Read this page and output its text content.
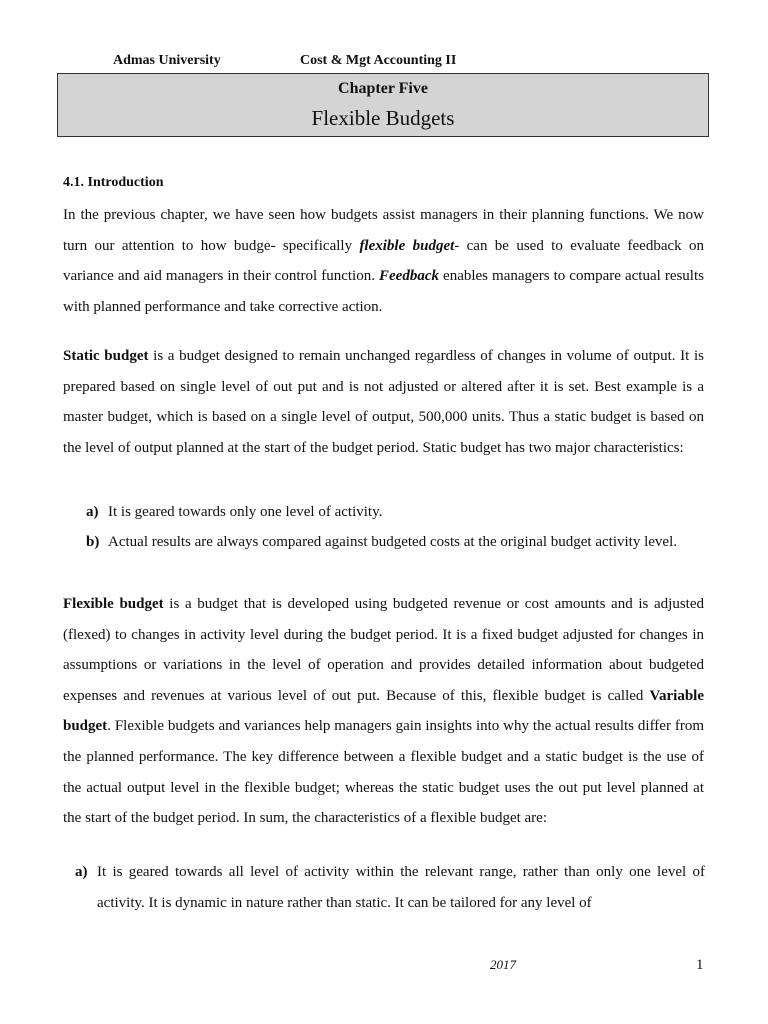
Admas University	Cost & Mgt Accounting II
Chapter Five
Flexible Budgets
4.1. Introduction

In the previous chapter, we have seen how budgets assist managers in their planning functions. We now turn our attention to how budge- specifically flexible budget- can be used to evaluate feedback on variance and aid managers in their control function. Feedback enables managers to compare actual results with planned performance and take corrective action.

Static budget is a budget designed to remain unchanged regardless of changes in volume of output. It is prepared based on single level of out put and is not adjusted or altered after it is set. Best example is a master budget, which is based on a single level of output, 500,000 units. Thus a static budget is based on the level of output planned at the start of the budget period. Static budget has two major characteristics:

a) It is geared towards only one level of activity.
b) Actual results are always compared against budgeted costs at the original budget activity level.

Flexible budget is a budget that is developed using budgeted revenue or cost amounts and is adjusted (flexed) to changes in activity level during the budget period. It is a fixed budget adjusted for changes in assumptions or variations in the level of operation and provides detailed information about budgeted expenses and revenues at various level of out put. Because of this, flexible budget is called Variable budget. Flexible budgets and variances help managers gain insights into why the actual results differ from the planned performance. The key difference between a flexible budget and a static budget is the use of the actual output level in the flexible budget; whereas the static budget uses the out put level planned at the start of the budget period. In sum, the characteristics of a flexible budget are:

a) It is geared towards all level of activity within the relevant range, rather than only one level of activity. It is dynamic in nature rather than static. It can be tailored for any level of
2017	1
